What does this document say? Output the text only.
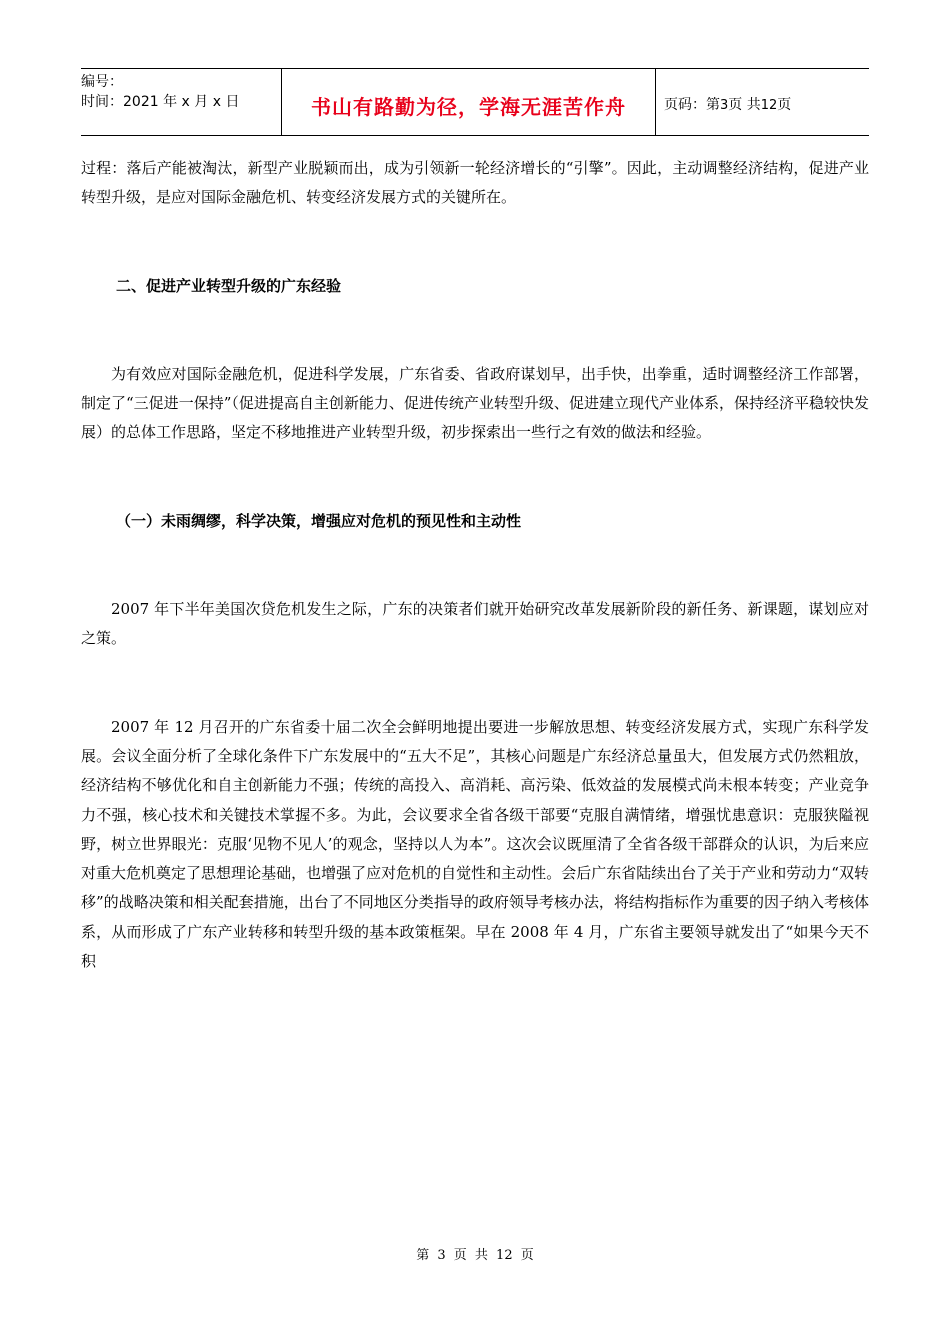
编号：
时间：2021 年 x 月 x 日	书山有路勤为径，学海无涯苦作舟	页码：第3页 共12页

过程：落后产能被淘汰，新型产业脱颖而出，成为引领新一轮经济增长的“引擎”。因此，主动调整经济结构，促进产业转型升级，是应对国际金融危机、转变经济发展方式的关键所在。

二、促进产业转型升级的广东经验

为有效应对国际金融危机，促进科学发展，广东省委、省政府谋划早，出手快，出拳重，适时调整经济工作部署，制定了“三促进一保持”（促进提高自主创新能力、促进传统产业转型升级、促进建立现代产业体系，保持经济平稳较快发展）的总体工作思路，坚定不移地推进产业转型升级，初步探索出一些行之有效的做法和经验。

（一）未雨绸缪，科学决策，增强应对危机的预见性和主动性

2007 年下半年美国次贷危机发生之际，广东的决策者们就开始研究改革发展新阶段的新任务、新课题，谋划应对之策。

2007 年 12 月召开的广东省委十届二次全会鲜明地提出要进一步解放思想、转变经济发展方式，实现广东科学发展。会议全面分析了全球化条件下广东发展中的“五大不足”，其核心问题是广东经济总量虽大，但发展方式仍然粗放，经济结构不够优化和自主创新能力不强；传统的高投入、高消耗、高污染、低效益的发展模式尚未根本转变；产业竞争力不强，核心技术和关键技术掌握不多。为此，会议要求全省各级干部要“克服自满情绪，增强忧患意识：克服狭隘视野，树立世界眼光：克服‘见物不见人’的观念，坚持以人为本”。这次会议既厘清了全省各级干部群众的认识，为后来应对重大危机奠定了思想理论基础，也增强了应对危机的自觉性和主动性。会后广东省陆续出台了关于产业和劳动力“双转移”的战略决策和相关配套措施，出台了不同地区分类指导的政府领导考核办法，将结构指标作为重要的因子纳入考核体系，从而形成了广东产业转移和转型升级的基本政策框架。早在 2008 年 4 月，广东省主要领导就发出了“如果今天不积

第 3 页 共 12 页
